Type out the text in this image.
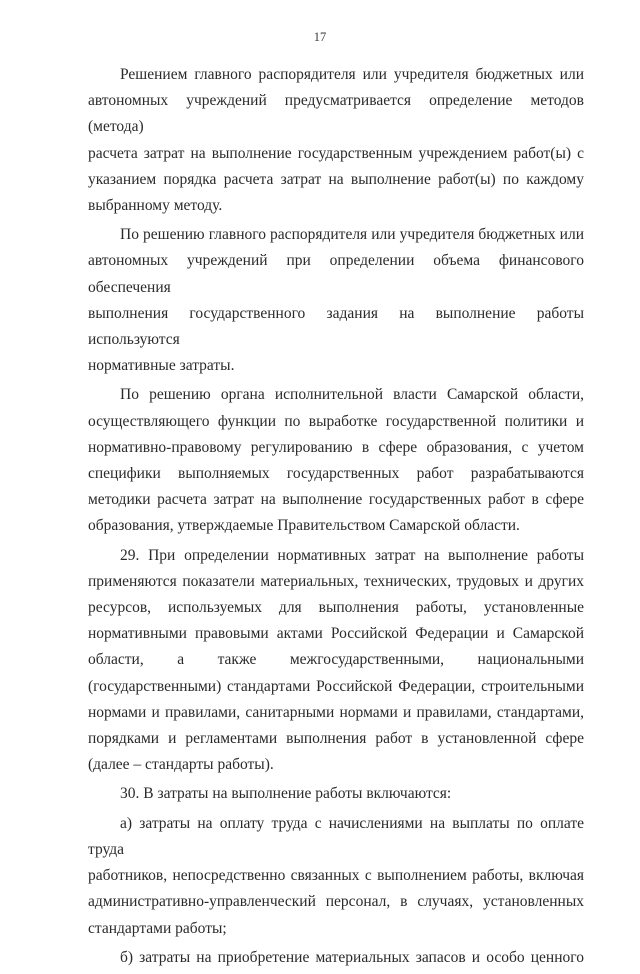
17

Решением главного распорядителя или учредителя бюджетных или
автономных учреждений предусматривается определение методов (метода)
расчета затрат на выполнение государственным учреждением работ(ы) с
указанием порядка расчета затрат на выполнение работ(ы) по каждому
выбранному методу.

По решению главного распорядителя или учредителя бюджетных или
автономных учреждений при определении объема финансового обеспечения
выполнения государственного задания на выполнение работы используются
нормативные затраты.

По решению органа исполнительной власти Самарской области,
осуществляющего функции по выработке государственной политики и
нормативно-правовому регулированию в сфере образования, с учетом
специфики выполняемых государственных работ разрабатываются
методики расчета затрат на выполнение государственных работ в сфере
образования, утверждаемые Правительством Самарской области.

29. При определении нормативных затрат на выполнение работы
применяются показатели материальных, технических, трудовых и других
ресурсов, используемых для выполнения работы, установленные
нормативными правовыми актами Российской Федерации и Самарской
области, а также межгосударственными, национальными
(государственными) стандартами Российской Федерации, строительными
нормами и правилами, санитарными нормами и правилами, стандартами,
порядками и регламентами выполнения работ в установленной сфере
(далее – стандарты работы).

30. В затраты на выполнение работы включаются:

а) затраты на оплату труда с начислениями на выплаты по оплате труда
работников, непосредственно связанных с выполнением работы, включая
административно-управленческий персонал, в случаях, установленных
стандартами работы;

б) затраты на приобретение материальных запасов и особо ценного
